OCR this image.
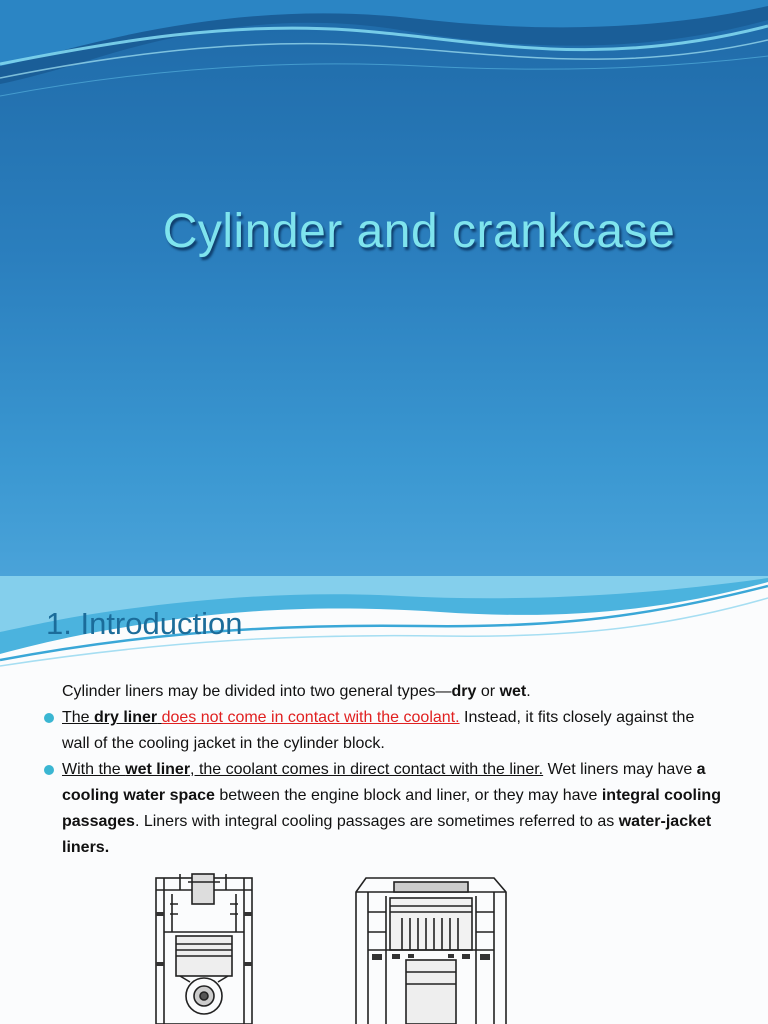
Cylinder and crankcase
1. Introduction
Cylinder liners may be divided into two general types—dry or wet.
The dry liner does not come in contact with the coolant. Instead, it fits closely against the wall of the cooling jacket in the cylinder block.
With the wet liner, the coolant comes in direct contact with the liner. Wet liners may have a cooling water space between the engine block and liner, or they may have integral cooling passages. Liners with integral cooling passages are sometimes referred to as water-jacket liners.
